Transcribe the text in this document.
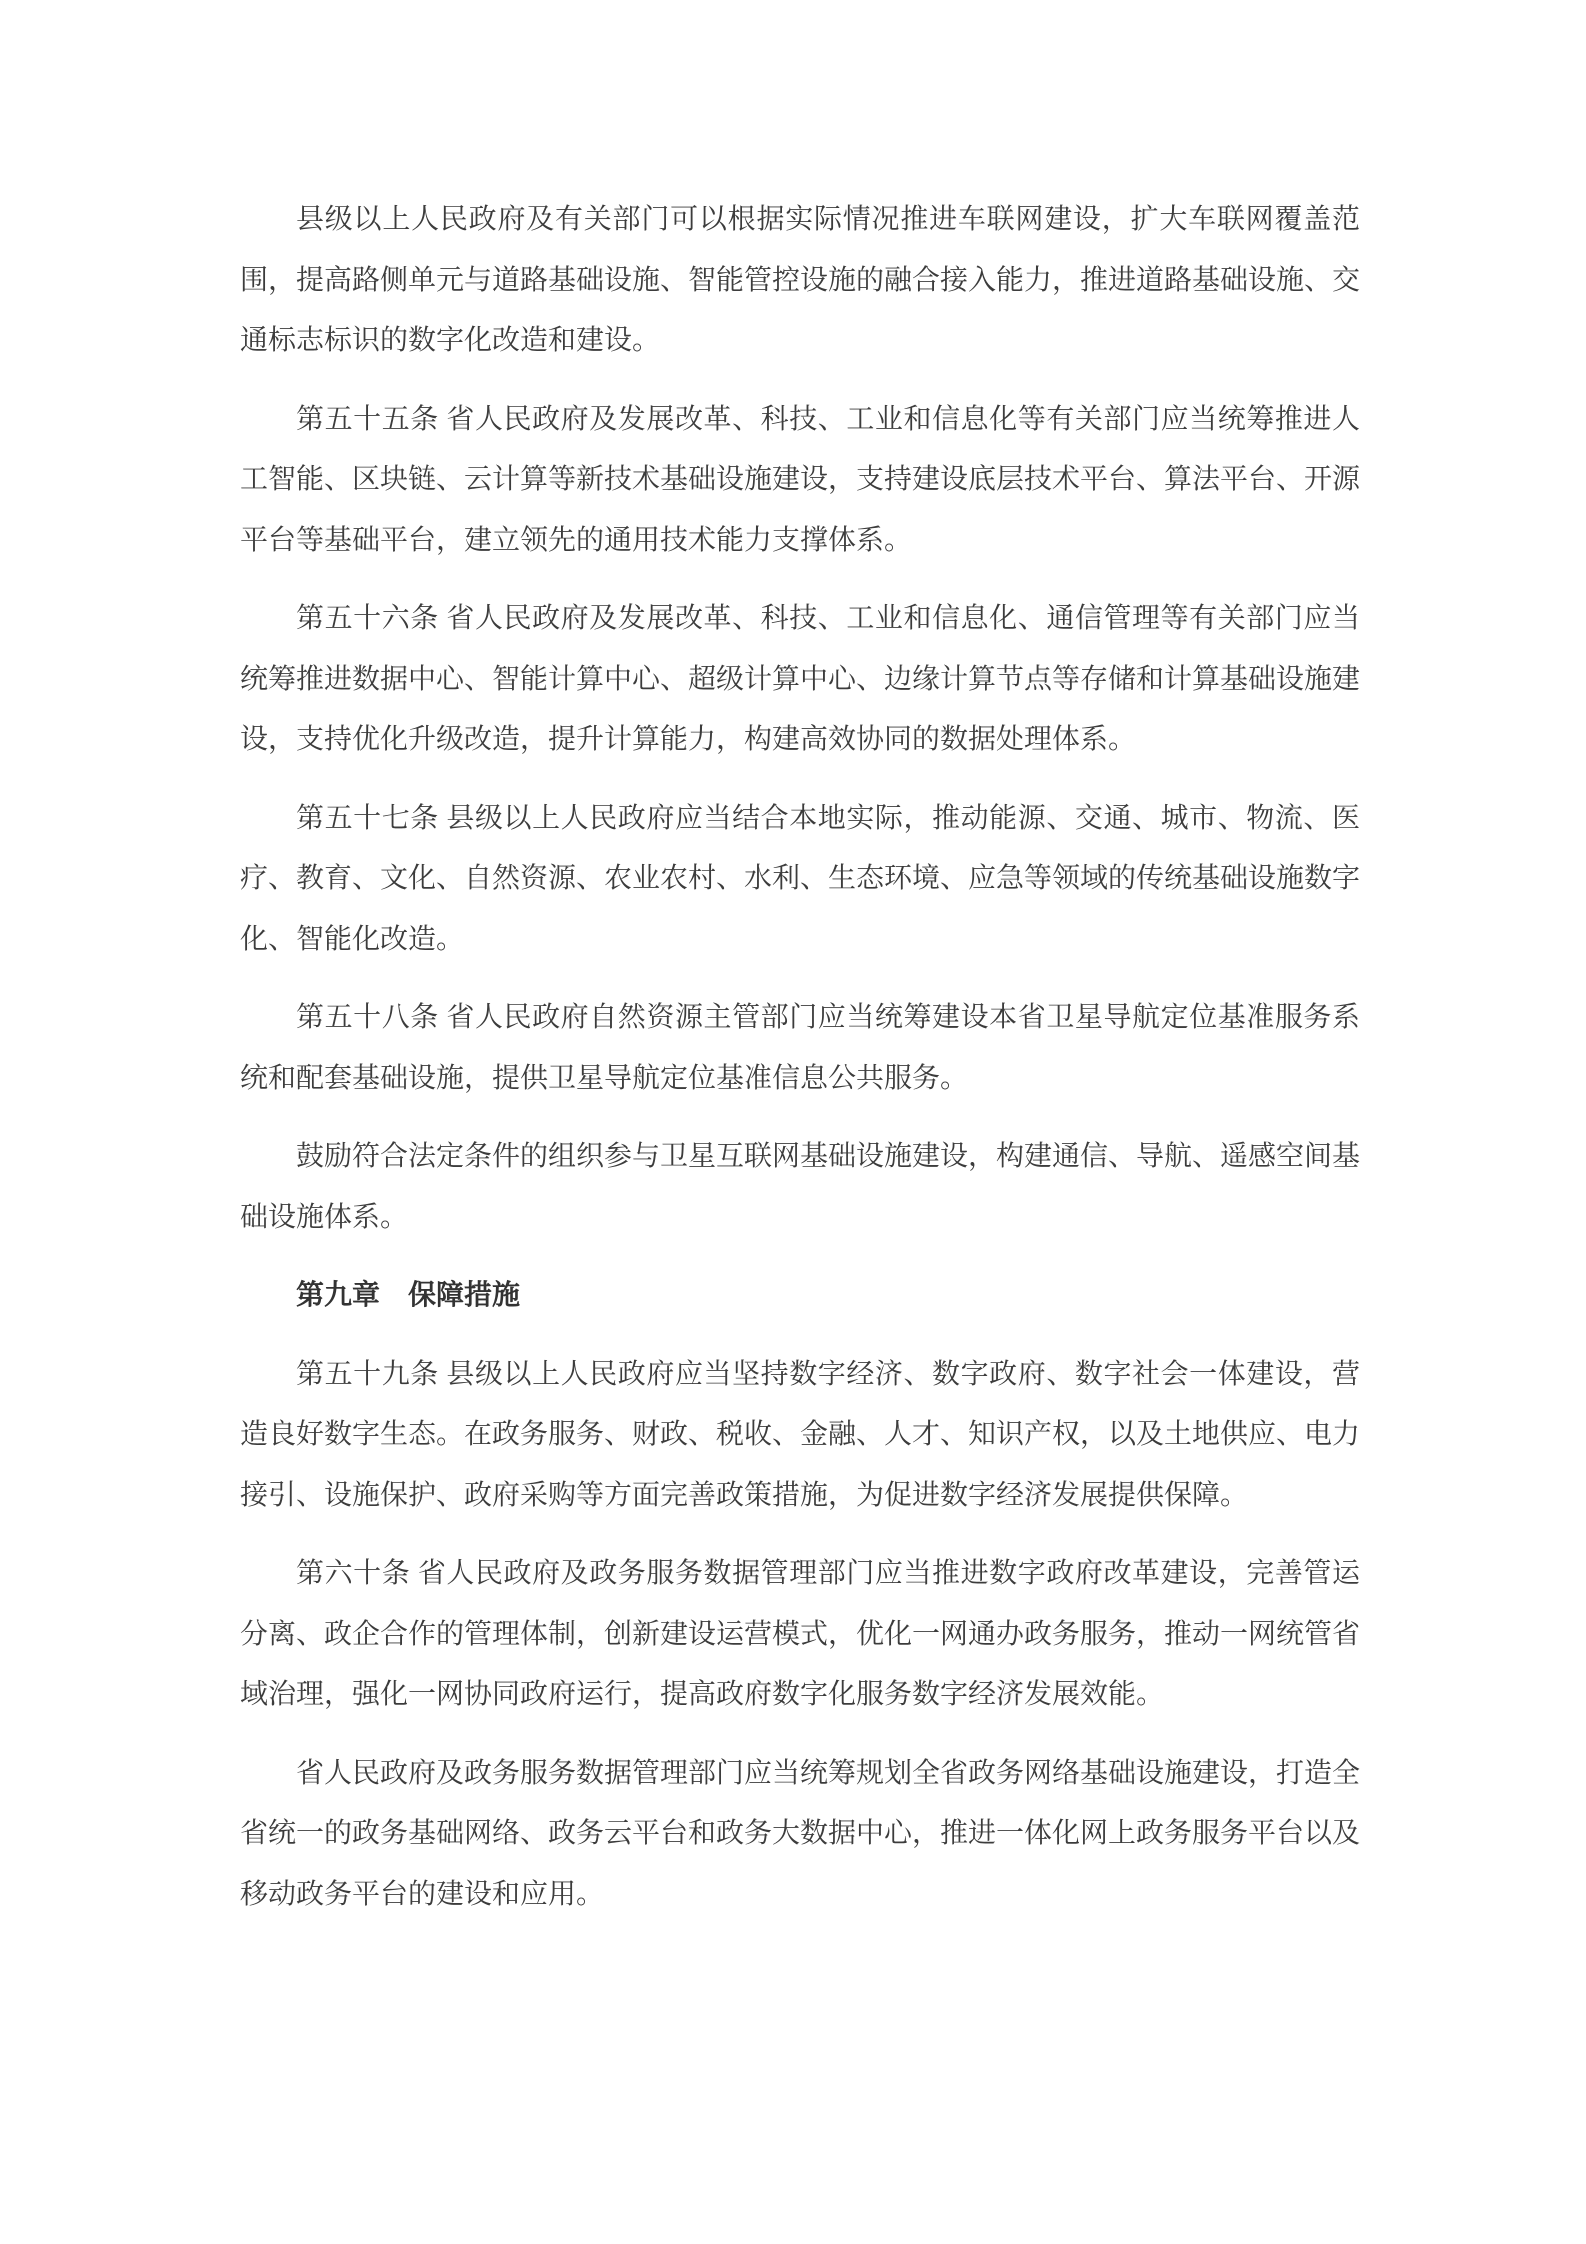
县级以上人民政府及有关部门可以根据实际情况推进车联网建设，扩大车联网覆盖范围，提高路侧单元与道路基础设施、智能管控设施的融合接入能力，推进道路基础设施、交通标志标识的数字化改造和建设。

第五十五条 省人民政府及发展改革、科技、工业和信息化等有关部门应当统筹推进人工智能、区块链、云计算等新技术基础设施建设，支持建设底层技术平台、算法平台、开源平台等基础平台，建立领先的通用技术能力支撑体系。

第五十六条 省人民政府及发展改革、科技、工业和信息化、通信管理等有关部门应当统筹推进数据中心、智能计算中心、超级计算中心、边缘计算节点等存储和计算基础设施建设，支持优化升级改造，提升计算能力，构建高效协同的数据处理体系。

第五十七条 县级以上人民政府应当结合本地实际，推动能源、交通、城市、物流、医疗、教育、文化、自然资源、农业农村、水利、生态环境、应急等领域的传统基础设施数字化、智能化改造。

第五十八条 省人民政府自然资源主管部门应当统筹建设本省卫星导航定位基准服务系统和配套基础设施，提供卫星导航定位基准信息公共服务。

鼓励符合法定条件的组织参与卫星互联网基础设施建设，构建通信、导航、遥感空间基础设施体系。

第九章　保障措施

第五十九条 县级以上人民政府应当坚持数字经济、数字政府、数字社会一体建设，营造良好数字生态。在政务服务、财政、税收、金融、人才、知识产权，以及土地供应、电力接引、设施保护、政府采购等方面完善政策措施，为促进数字经济发展提供保障。

第六十条 省人民政府及政务服务数据管理部门应当推进数字政府改革建设，完善管运分离、政企合作的管理体制，创新建设运营模式，优化一网通办政务服务，推动一网统管省域治理，强化一网协同政府运行，提高政府数字化服务数字经济发展效能。

省人民政府及政务服务数据管理部门应当统筹规划全省政务网络基础设施建设，打造全省统一的政务基础网络、政务云平台和政务大数据中心，推进一体化网上政务服务平台以及移动政务平台的建设和应用。
